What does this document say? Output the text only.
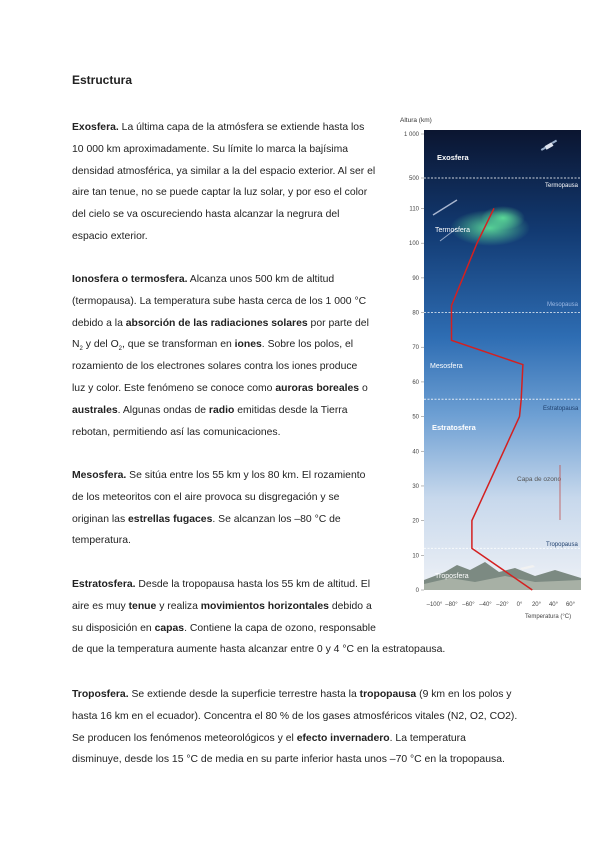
Estructura

Exosfera. La última capa de la atmósfera se extiende hasta los
10 000 km aproximadamente. Su límite lo marca la bajísima
densidad atmosférica, ya similar a la del espacio exterior. Al ser el
aire tan tenue, no se puede captar la luz solar, y por eso el color
del cielo se va oscureciendo hasta alcanzar la negrura del
espacio exterior.

Ionosfera o termosfera. Alcanza unos 500 km de altitud
(termopausa). La temperatura sube hasta cerca de los 1 000 °C
debido a la absorción de las radiaciones solares por parte del
$N_2$ y del $O_2$, que se transforman en iones. Sobre los polos, el
rozamiento de los electrones solares contra los iones produce
luz y color. Este fenómeno se conoce como auroras boreales o
australes. Algunas ondas de radio emitidas desde la Tierra
rebotan, permitiendo así las comunicaciones.

Mesosfera. Se sitúa entre los 55 km y los 80 km. El rozamiento
de los meteoritos con el aire provoca su disgregación y se
originan las estrellas fugaces. Se alcanzan los –80 °C de
temperatura.

Estratosfera. Desde la tropopausa hasta los 55 km de altitud. El
aire es muy tenue y realiza movimientos horizontales debido a
su disposición en capas. Contiene la capa de ozono, responsable
de que la temperatura aumente hasta alcanzar entre 0 y 4 °C en la estratopausa.

Troposfera. Se extiende desde la superficie terrestre hasta la tropopausa (9 km en los polos y
hasta 16 km en el ecuador). Concentra el 80 % de los gases atmosféricos vitales (N2, O2, CO2).
Se producen los fenómenos meteorológicos y el efecto invernadero. La temperatura
disminuye, desde los 15 °C de media en su parte inferior hasta unos –70 °C en la tropopausa.

Altura (km)
0
10
20
30
40
50
60
70
80
90
100
110
500
1 000
–100° –80° –60° –40° –20° 0° 20° 40° 60°
Exosfera
Termopausa
Termosfera
Mesopausa
Mesosfera
Estratopausa
Estratosfera
Capa de ozono
Tropopausa
Troposfera
Temperatura (°C)
